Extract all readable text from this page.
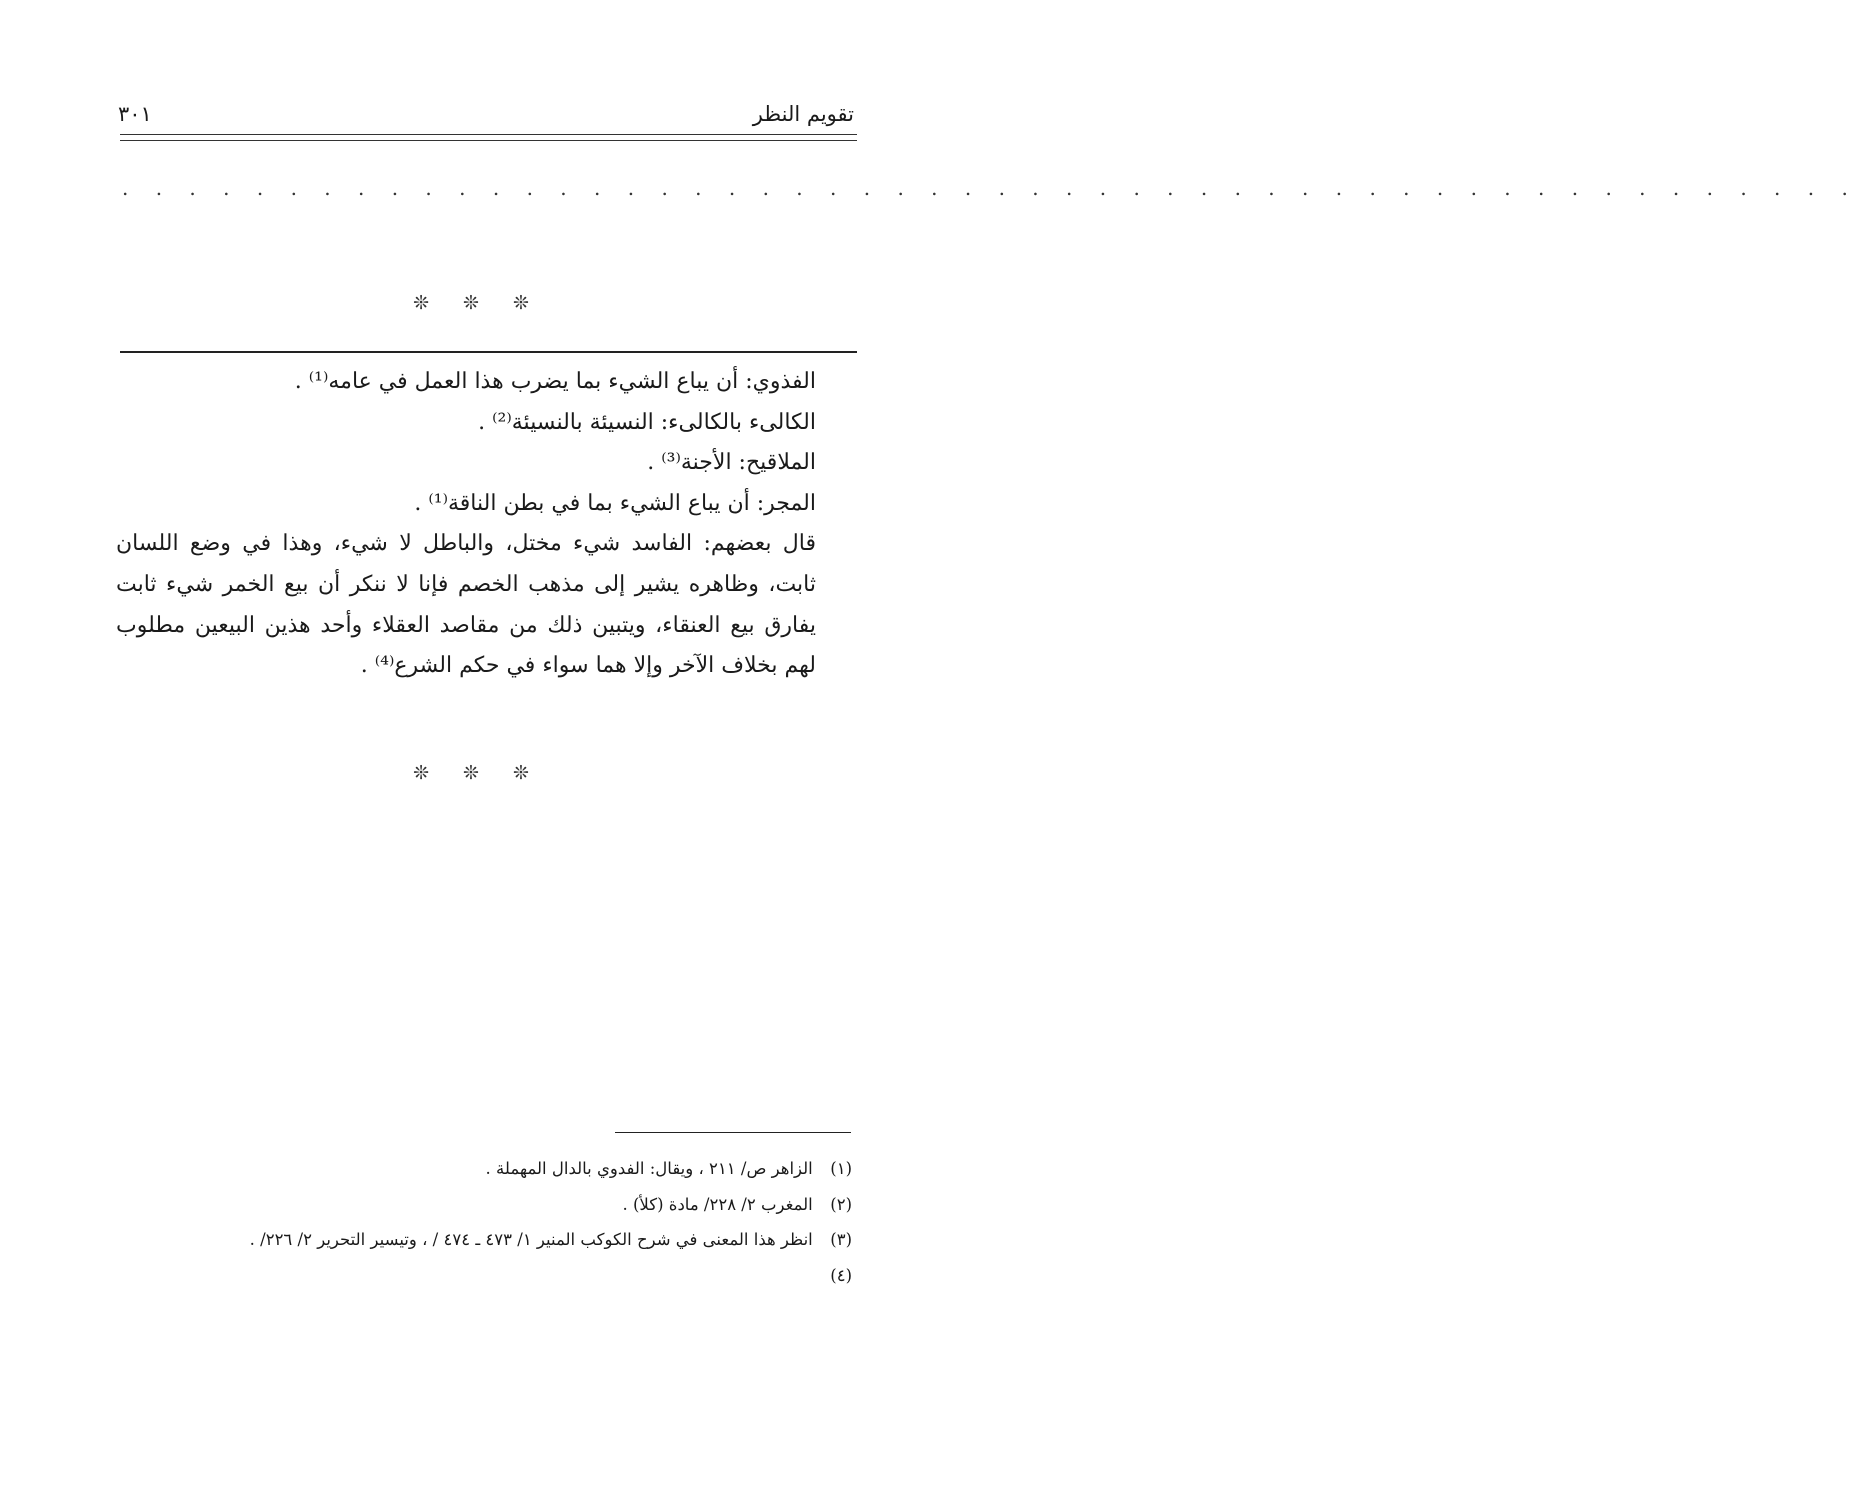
تقويم النظر
٣٠١
. . . . . . . . . . . . . . . . . . . . . . . . . . . . . . . . . . . . . . . . . . . . . . . . . . . .
❊ ❊ ❊

الفذوي: أن يباع الشيء بما يضرب هذا العمل في عامه⁽¹⁾ .

الكالىء بالكالىء: النسيئة بالنسيئة⁽²⁾ .

الملاقيح: الأجنة⁽³⁾ .

المجر: أن يباع الشيء بما في بطن الناقة⁽¹⁾ .

قال بعضهم: الفاسد شيء مختل، والباطل لا شيء، وهذا في وضع اللسان ثابت، وظاهره يشير إلى مذهب الخصم فإنا لا ننكر أن بيع الخمر شيء ثابت يفارق بيع العنقاء، ويتبين ذلك من مقاصد العقلاء وأحد هذين البيعين مطلوب لهم بخلاف الآخر وإلا هما سواء في حكم الشرع⁽⁴⁾ .

❊ ❊ ❊
(١) الزاهر ص/ ٢١١ ، ويقال: الفدوي بالدال المهملة .
(٢) المغرب ٢/ ٢٢٨/ مادة (كلأ) .
(٣) انظر هذا المعنى في شرح الكوكب المنير ١/ ٤٧٣ ـ ٤٧٤ / ، وتيسير التحرير ٢/ ٢٢٦/ .
(٤)
